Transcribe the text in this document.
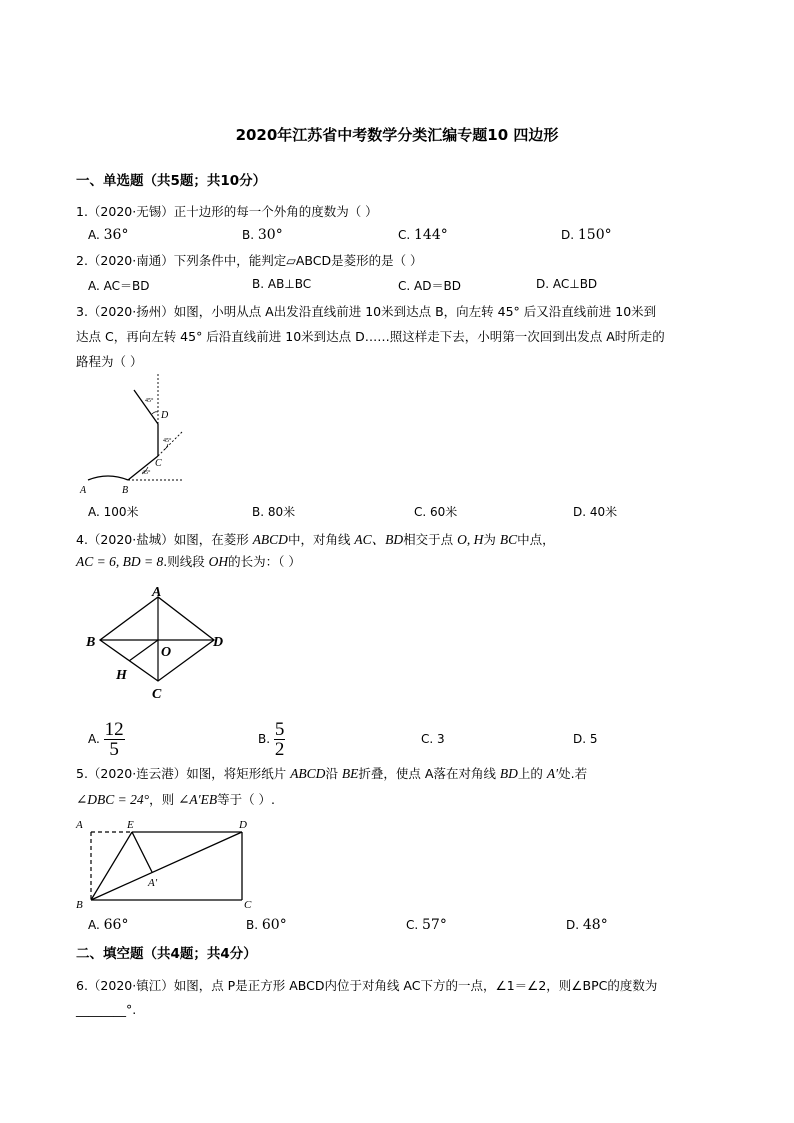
2020年江苏省中考数学分类汇编专题10 四边形
一、单选题（共5题；共10分）
1.（2020·无锡）正十边形的每一个外角的度数为（ ）
A. 36°	B. 30°	C. 144°	D. 150°
2.（2020·南通）下列条件中，能判定▱ABCD是菱形的是（ ）
A. AC＝BD	B. AB⊥BC	C. AD＝BD	D. AC⊥BD
3.（2020·扬州）如图，小明从点 A出发沿直线前进 10米到达点 B，向左转 45° 后又沿直线前进 10米到
达点 C，再向左转 45° 后沿直线前进 10米到达点 D……照这样走下去，小明第一次回到出发点 A时所走的
路程为（ ）
45°
45°
45°
A	B
C
D
A. 100米	B. 80米	C. 60米	D. 40米
4.（2020·盐城）如图，在菱形 ABCD中，对角线 AC、BD相交于点 O, H为 BC中点，
AC = 6, BD = 8.则线段 OH的长为：（ ）
A
B
C
D
O
H
A. $\frac{12}{5}$	B. $\frac{5}{2}$	C. 3	D. 5
5.（2020·连云港）如图，将矩形纸片 ABCD沿 BE折叠，使点 A落在对角线 BD上的 A′处.若
∠DBC = 24°，则 ∠A′EB等于（ ）.
A	E	D
B	C
A′
A. 66°	B. 60°	C. 57°	D. 48°
二、填空题（共4题；共4分）
6.（2020·镇江）如图，点 P是正方形 ABCD内位于对角线 AC下方的一点，∠1＝∠2，则∠BPC的度数为
________°.
